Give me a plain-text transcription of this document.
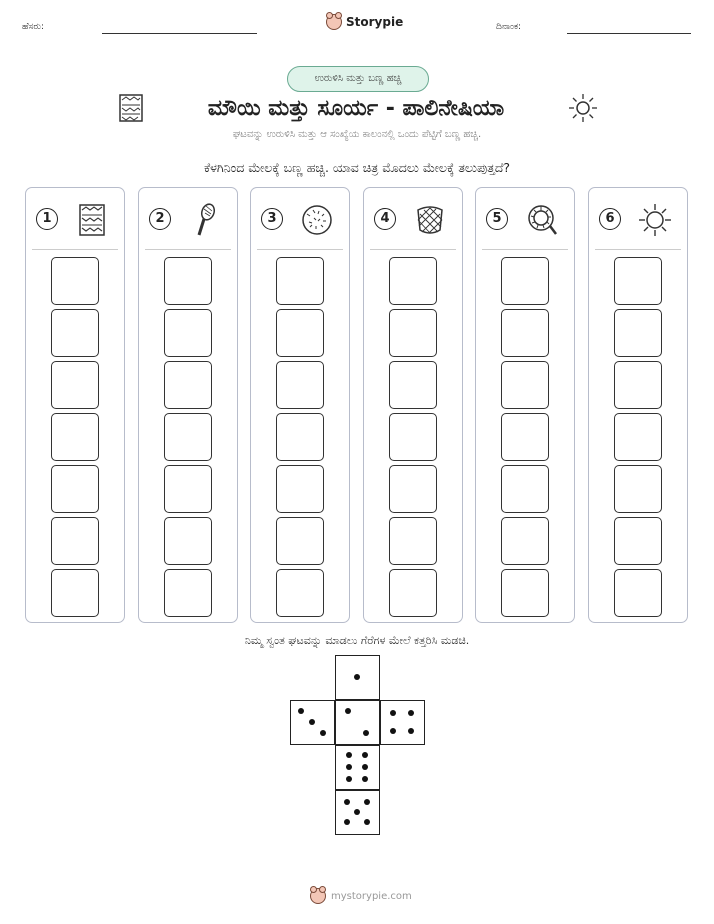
ಹೆಸರು:	Storypie	ದಿನಾಂಕ:
ಉರುಳಿಸಿ ಮತ್ತು ಬಣ್ಣ ಹಚ್ಚಿ
ಮೌಯಿ ಮತ್ತು ಸೂರ್ಯ - ಪಾಲಿನೇಷಿಯಾ
ಘಟವನ್ನು ಉರುಳಿಸಿ ಮತ್ತು ಆ ಸಂಖ್ಯೆಯ ಕಾಲಂನಲ್ಲಿ ಒಂದು ಪೆಟ್ಟಿಗೆ ಬಣ್ಣ ಹಚ್ಚಿ.
ಕೆಳಗಿನಿಂದ ಮೇಲಕ್ಕೆ ಬಣ್ಣ ಹಚ್ಚಿ. ಯಾವ ಚಿತ್ರ ಮೊದಲು ಮೇಲಕ್ಕೆ ತಲುಪುತ್ತದೆ?
1	2	3	4	5	6
ನಿಮ್ಮ ಸ್ವಂತ ಘಟವನ್ನು ಮಾಡಲು ಗೆರೆಗಳ ಮೇಲೆ ಕತ್ತರಿಸಿ ಮಡಚಿ.
mystorypie.com
